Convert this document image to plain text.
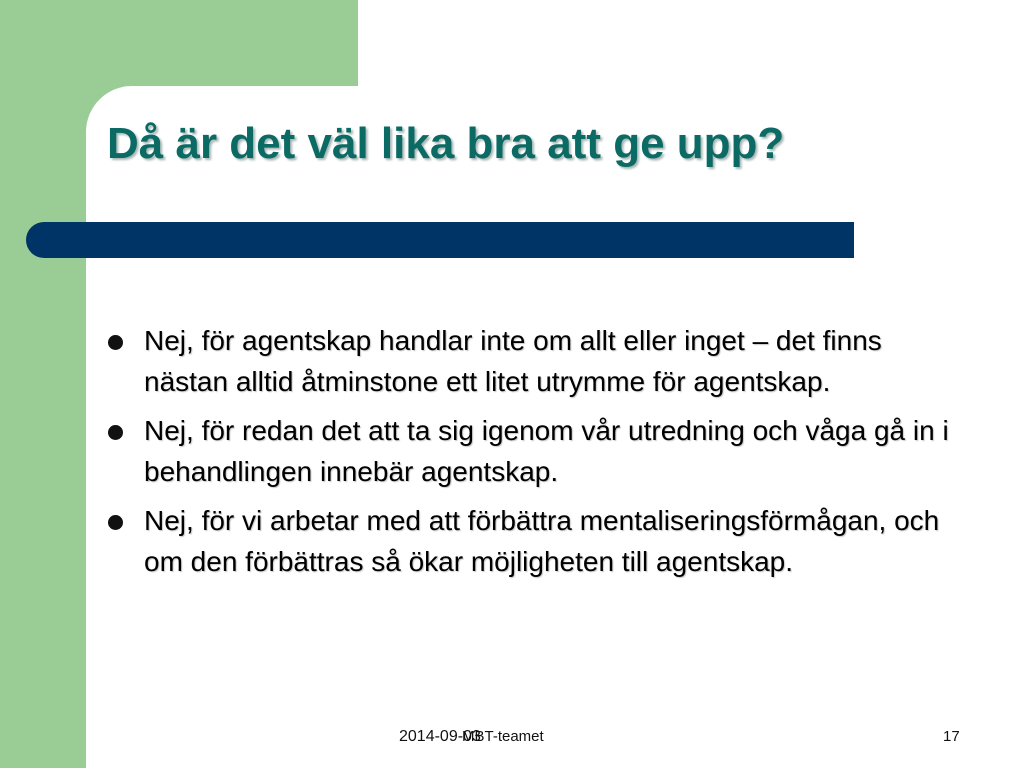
Då är det väl lika bra att ge upp?
Nej, för agentskap handlar inte om allt eller inget – det finns nästan alltid åtminstone ett litet utrymme för agentskap.
Nej, för redan det att ta sig igenom vår utredning och våga gå in i behandlingen innebär agentskap.
Nej, för vi arbetar med att förbättra mentaliseringsförmågan, och om den förbättras så ökar möjligheten till agentskap.
2014-09-03
MBT-teamet	17
